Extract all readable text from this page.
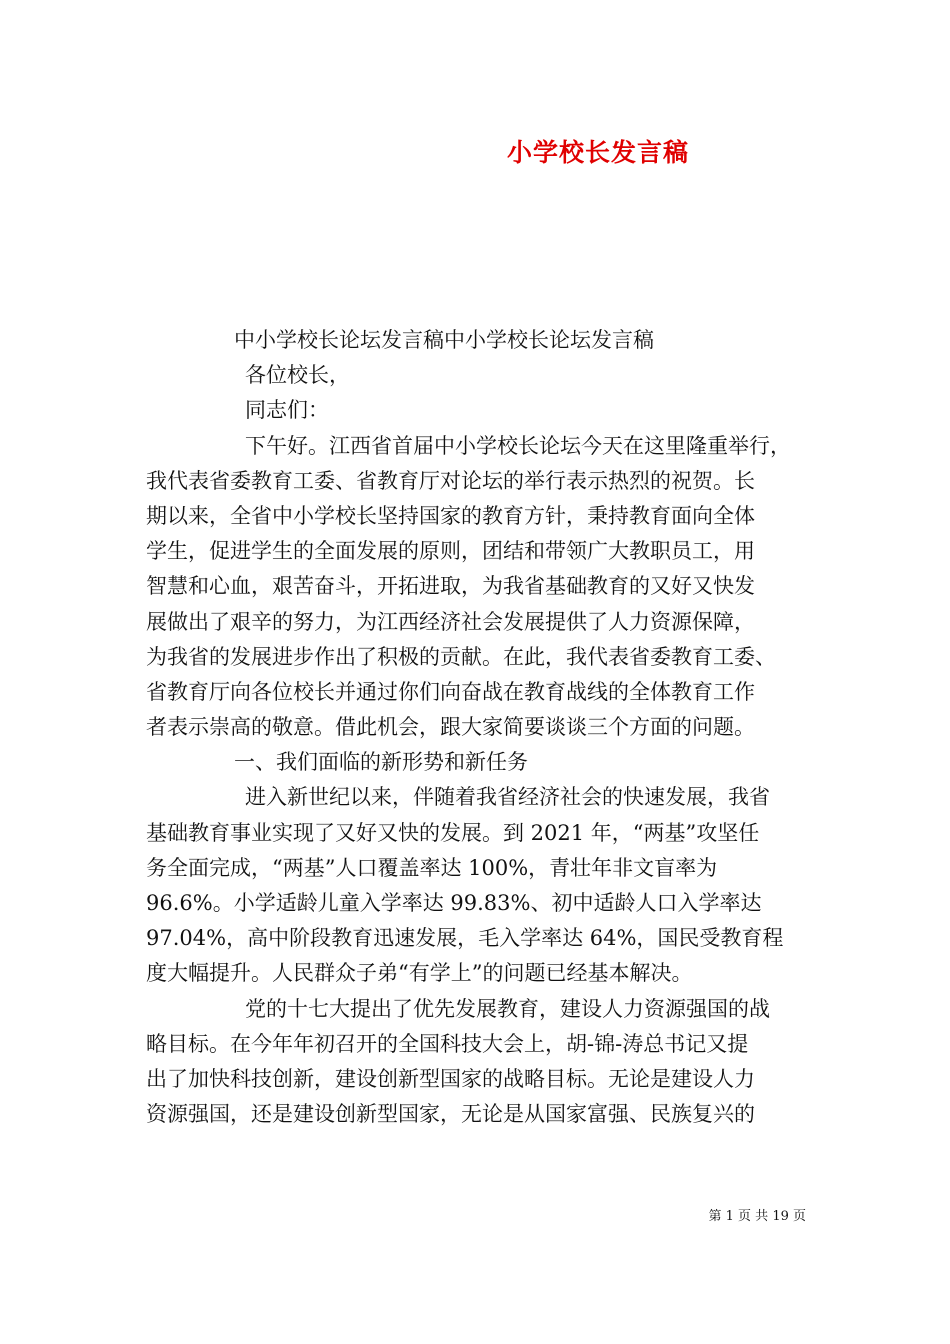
小学校长发言稿
中小学校长论坛发言稿中小学校长论坛发言稿
各位校长，
同志们：
下午好。江西省首届中小学校长论坛今天在这里隆重举行，
我代表省委教育工委、省教育厅对论坛的举行表示热烈的祝贺。长
期以来，全省中小学校长坚持国家的教育方针，秉持教育面向全体
学生，促进学生的全面发展的原则，团结和带领广大教职员工，用
智慧和心血，艰苦奋斗，开拓进取，为我省基础教育的又好又快发
展做出了艰辛的努力，为江西经济社会发展提供了人力资源保障，
为我省的发展进步作出了积极的贡献。在此，我代表省委教育工委、
省教育厅向各位校长并通过你们向奋战在教育战线的全体教育工作
者表示崇高的敬意。借此机会，跟大家简要谈谈三个方面的问题。
一、我们面临的新形势和新任务
进入新世纪以来，伴随着我省经济社会的快速发展，我省
基础教育事业实现了又好又快的发展。到 2021 年，“两基”攻坚任
务全面完成，“两基”人口覆盖率达 100%，青壮年非文盲率为
96.6%。小学适龄儿童入学率达 99.83%、初中适龄人口入学率达
97.04%，高中阶段教育迅速发展，毛入学率达 64%，国民受教育程
度大幅提升。人民群众子弟“有学上”的问题已经基本解决。
党的十七大提出了优先发展教育，建设人力资源强国的战
略目标。在今年年初召开的全国科技大会上，胡-锦-涛总书记又提
出了加快科技创新，建设创新型国家的战略目标。无论是建设人力
资源强国，还是建设创新型国家，无论是从国家富强、民族复兴的
第 1 页 共 19 页
